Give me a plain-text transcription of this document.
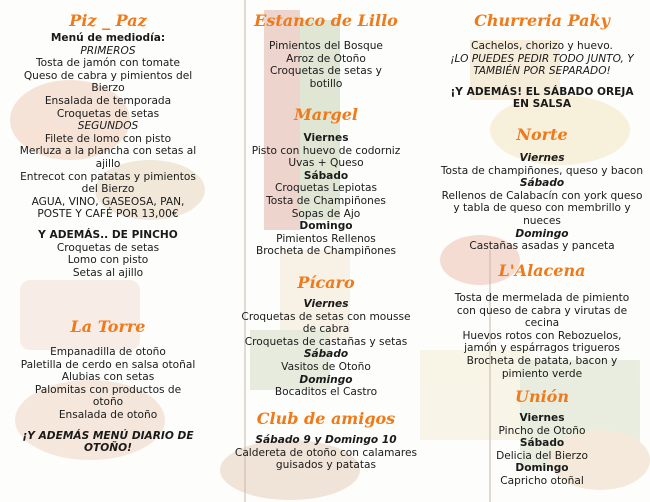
Piz _ Paz
Menú de mediodía:
PRIMEROS
Tosta de jamón con tomate
Queso de cabra y pimientos del
Bierzo
Ensalada de temporada
Croquetas de setas
SEGUNDOS
Filete de lomo con pisto
Merluza a la plancha con setas al
ajillo
Entrecot con patatas y pimientos
del Bierzo
AGUA, VINO, GASEOSA, PAN,
POSTE Y CAFÉ POR 13,00€
Y ADEMÁS.. DE PINCHO
Croquetas de setas
Lomo con pisto
Setas al ajillo
La Torre
Empanadilla de otoño
Paletilla de cerdo en salsa otoñal
Alubias con setas
Palomitas con productos de
otoño
Ensalada de otoño
¡Y ADEMÁS MENÚ DIARIO DE
OTOÑO!
Estanco de Lillo
Pimientos del Bosque
Arroz de Otoño
Croquetas de setas y
botillo
Margel
Viernes
Pisto con huevo de codorniz
Uvas + Queso
Sábado
Croquetas Lepiotas
Tosta de Champiñones
Sopas de Ajo
Domingo
Pimientos Rellenos
Brocheta de Champiñones
Pícaro
Viernes
Croquetas de setas con mousse
de cabra
Croquetas de castañas y setas
Sábado
Vasitos de Otoño
Domingo
Bocaditos el Castro
Club de amigos
Sábado 9 y Domingo 10
Caldereta de otoño con calamares
guisados y patatas
Churreria Paky
Cachelos, chorizo y huevo.
¡LO PUEDES PEDIR TODO JUNTO, Y
TAMBIÉN POR SEPARADO!
¡Y ADEMÁS! EL SÁBADO OREJA
EN SALSA
Norte
Viernes
Tosta de champiñones, queso y bacon
Sábado
Rellenos de Calabacín con york queso
y tabla de queso con membrillo y
nueces
Domingo
Castañas asadas y panceta
L'Alacena
Tosta de mermelada de pimiento
con queso de cabra y virutas de
cecina
Huevos rotos con Rebozuelos,
jamón y espárragos trigueros
Brocheta de patata, bacon y
pimiento verde
Unión
Viernes
Pincho de Otoño
Sábado
Delicia del Bierzo
Domingo
Capricho otoñal
